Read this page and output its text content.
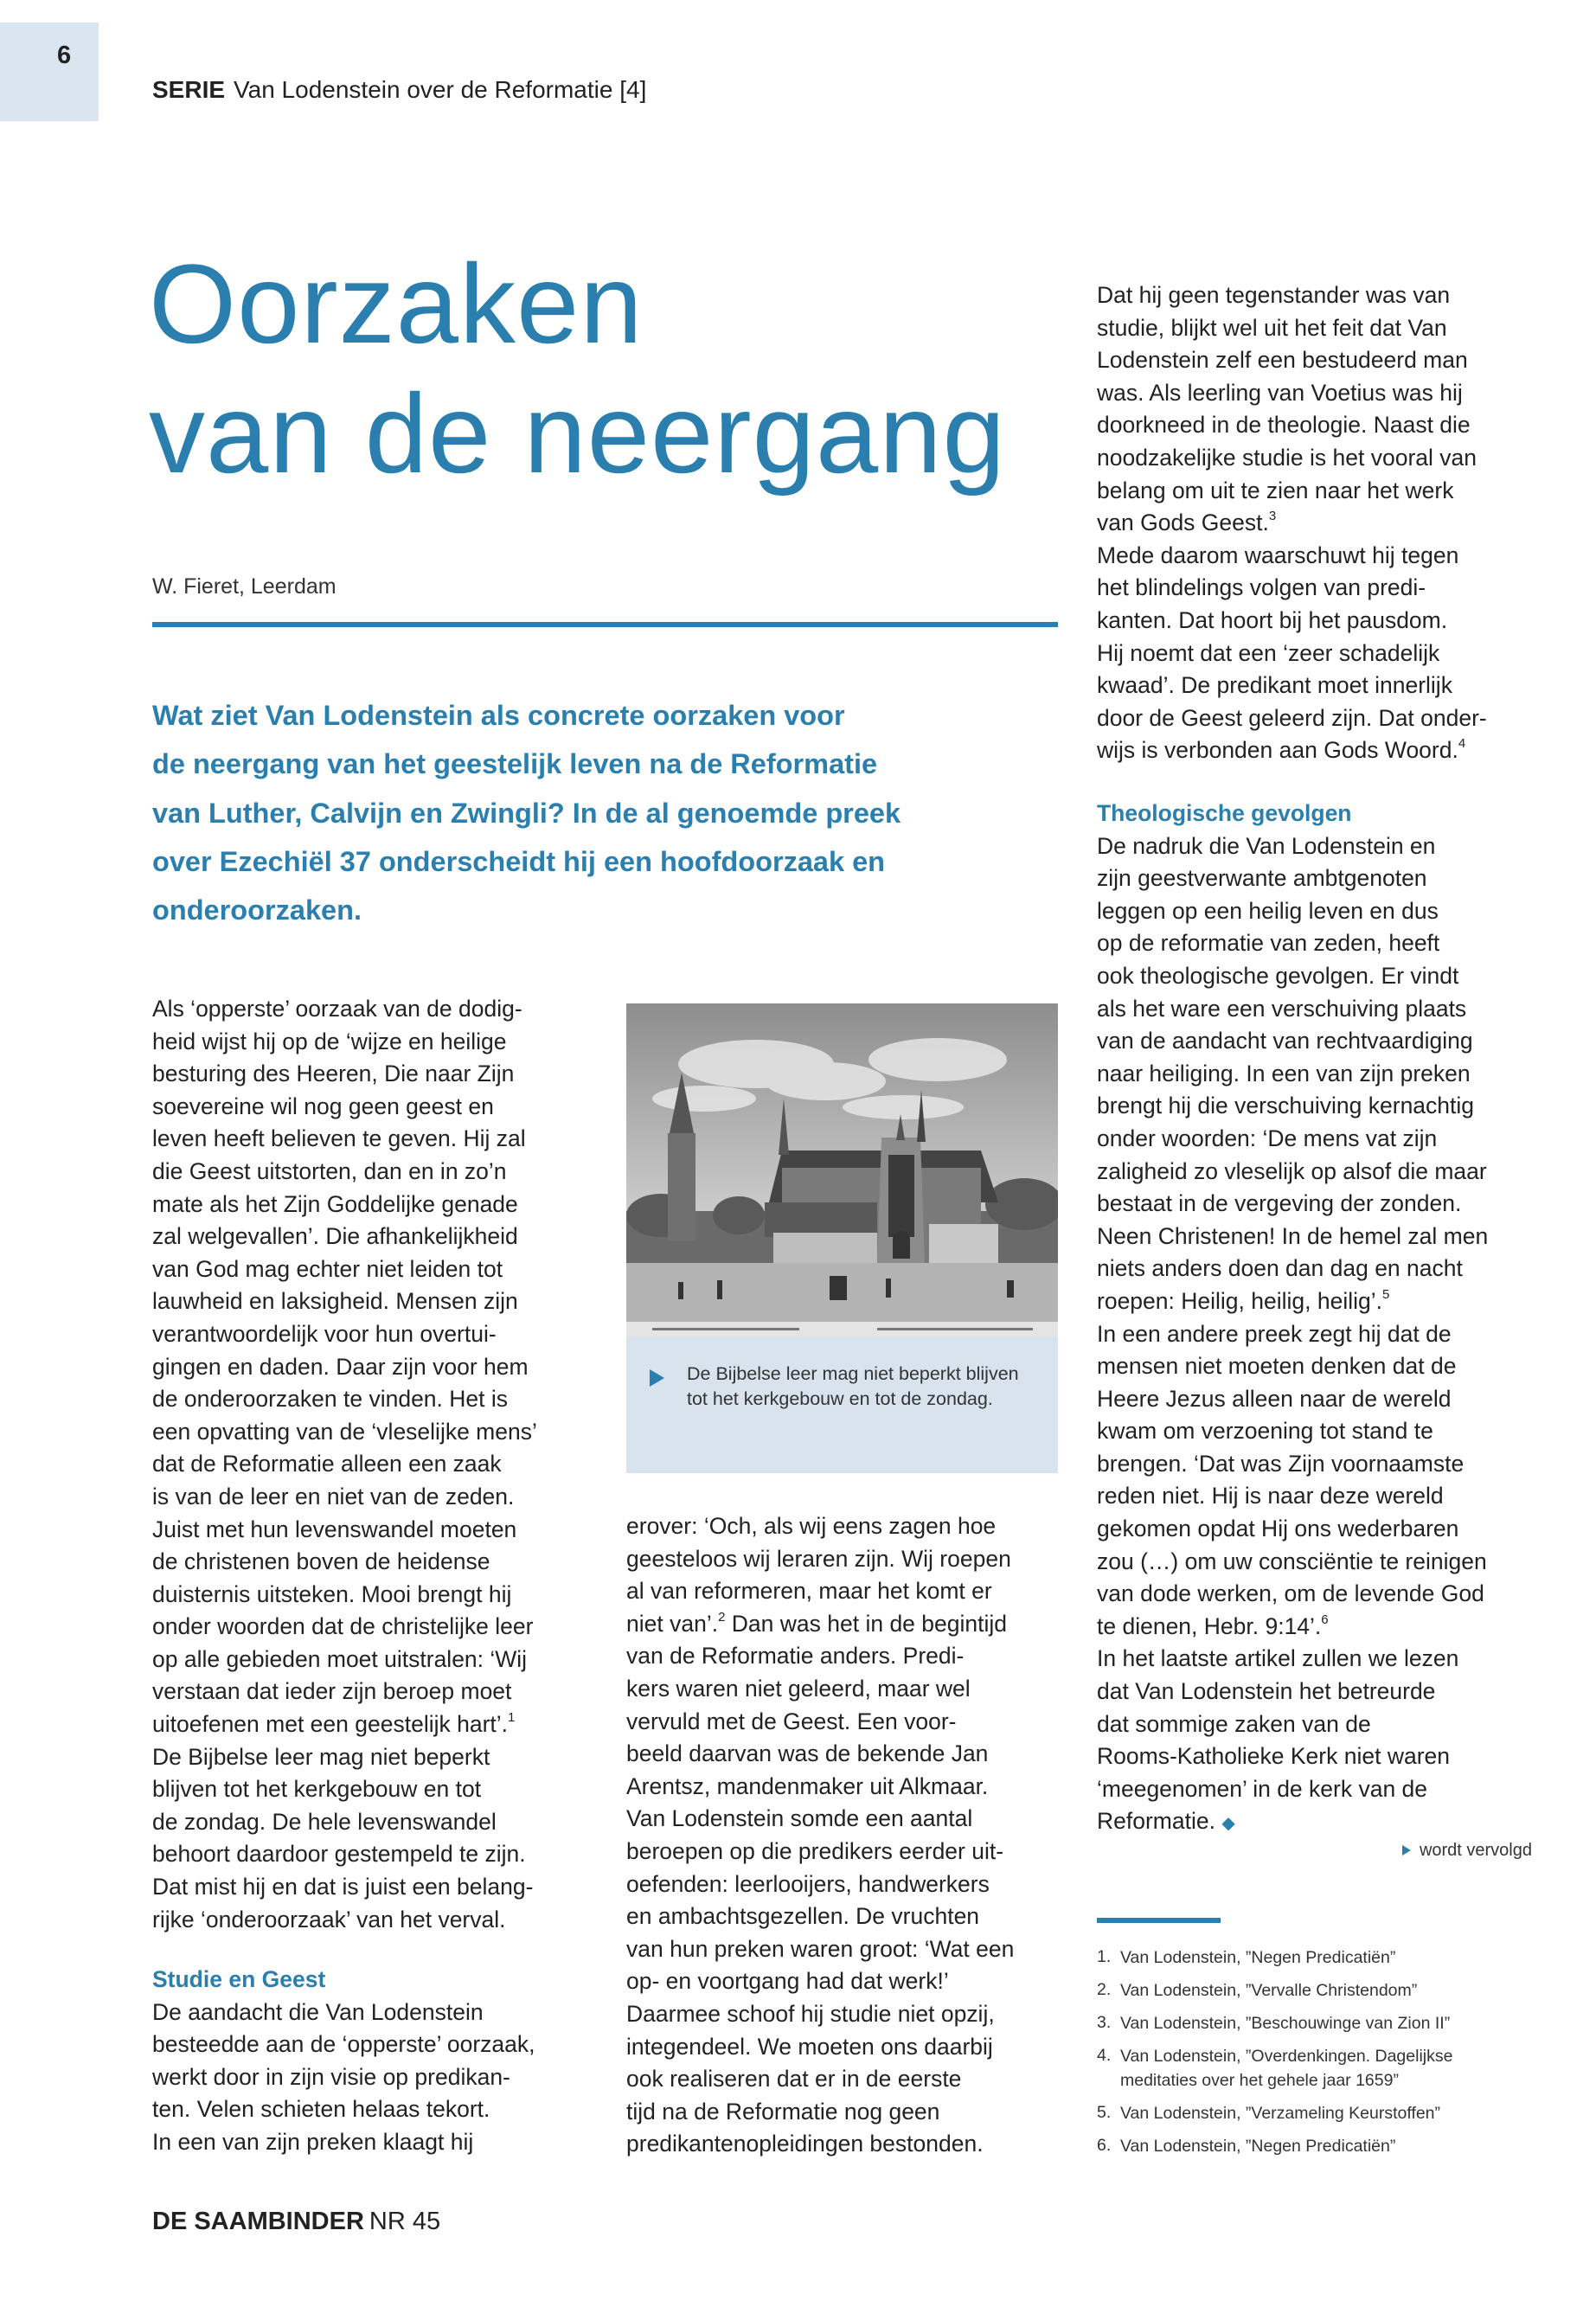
6
SERIE Van Lodenstein over de Reformatie [4]
Oorzaken
van de neergang
W. Fieret, Leerdam
Wat ziet Van Lodenstein als concrete oorzaken voor
de neergang van het geestelijk leven na de Reformatie
van Luther, Calvijn en Zwingli? In de al genoemde preek
over Ezechiël 37 onderscheidt hij een hoofdoorzaak en
onderoorzaken.
Als ‘opperste’ oorzaak van de dodig-
heid wijst hij op de ‘wijze en heilige
besturing des Heeren, Die naar Zijn
soevereine wil nog geen geest en
leven heeft believen te geven. Hij zal
die Geest uitstorten, dan en in zo’n
mate als het Zijn Goddelijke genade
zal welgevallen’. Die afhankelijkheid
van God mag echter niet leiden tot
lauwheid en laksigheid. Mensen zijn
verantwoordelijk voor hun overtui-
gingen en daden. Daar zijn voor hem
de onderoorzaken te vinden. Het is
een opvatting van de ‘vleselijke mens’
dat de Reformatie alleen een zaak
is van de leer en niet van de zeden.
Juist met hun levenswandel moeten
de christenen boven de heidense
duisternis uitsteken. Mooi brengt hij
onder woorden dat de christelijke leer
op alle gebieden moet uitstralen: ‘Wij
verstaan dat ieder zijn beroep moet
uitoefenen met een geestelijk hart’.$^1$
De Bijbelse leer mag niet beperkt
blijven tot het kerkgebouw en tot
de zondag. De hele levenswandel
behoort daardoor gestempeld te zijn.
Dat mist hij en dat is juist een belang-
rijke ‘onderoorzaak’ van het verval.
Studie en Geest
De aandacht die Van Lodenstein
besteedde aan de ‘opperste’ oorzaak,
werkt door in zijn visie op predikan-
ten. Velen schieten helaas tekort.
In een van zijn preken klaagt hij
erover: ‘Och, als wij eens zagen hoe
geesteloos wij leraren zijn. Wij roepen
al van reformeren, maar het komt er
niet van’.$^2$ Dan was het in de begintijd
van de Reformatie anders. Predi-
kers waren niet geleerd, maar wel
vervuld met de Geest. Een voor-
beeld daarvan was de bekende Jan
Arentsz, mandenmaker uit Alkmaar.
Van Lodenstein somde een aantal
beroepen op die predikers eerder uit-
oefenden: leerlooijers, handwerkers
en ambachtsgezellen. De vruchten
van hun preken waren groot: ‘Wat een
op- en voortgang had dat werk!’
Daarmee schoof hij studie niet opzij,
integendeel. We moeten ons daarbij
ook realiseren dat er in de eerste
tijd na de Reformatie nog geen
predikantenopleidingen bestonden.
Dat hij geen tegenstander was van
studie, blijkt wel uit het feit dat Van
Lodenstein zelf een bestudeerd man
was. Als leerling van Voetius was hij
doorkneed in de theologie. Naast die
noodzakelijke studie is het vooral van
belang om uit te zien naar het werk
van Gods Geest.$^3$
Mede daarom waarschuwt hij tegen
het blindelings volgen van predi-
kanten. Dat hoort bij het pausdom.
Hij noemt dat een ‘zeer schadelijk
kwaad’. De predikant moet innerlijk
door de Geest geleerd zijn. Dat onder-
wijs is verbonden aan Gods Woord.$^4$
Theologische gevolgen
De nadruk die Van Lodenstein en
zijn geestverwante ambtgenoten
leggen op een heilig leven en dus
op de reformatie van zeden, heeft
ook theologische gevolgen. Er vindt
als het ware een verschuiving plaats
van de aandacht van rechtvaardiging
naar heiliging. In een van zijn preken
brengt hij die verschuiving kernachtig
onder woorden: ‘De mens vat zijn
zaligheid zo vleselijk op alsof die maar
bestaat in de vergeving der zonden.
Neen Christenen! In de hemel zal men
niets anders doen dan dag en nacht
roepen: Heilig, heilig, heilig’.$^5$
In een andere preek zegt hij dat de
mensen niet moeten denken dat de
Heere Jezus alleen naar de wereld
kwam om verzoening tot stand te
brengen. ‘Dat was Zijn voornaamste
reden niet. Hij is naar deze wereld
gekomen opdat Hij ons wederbaren
zou (…) om uw consciëntie te reinigen
van dode werken, om de levende God
te dienen, Hebr. 9:14’.$^6$
In het laatste artikel zullen we lezen
dat Van Lodenstein het betreurde
dat sommige zaken van de
Rooms-Katholieke Kerk niet waren
‘meegenomen’ in de kerk van de
Reformatie. ◆
De Bijbelse leer mag niet beperkt blijven tot het kerkgebouw en tot de zondag.
wordt vervolgd
1. Van Lodenstein, ”Negen Predicatiën”
2. Van Lodenstein, ”Vervalle Christendom”
3. Van Lodenstein, ”Beschouwinge van Zion II”
4. Van Lodenstein, ”Overdenkingen. Dagelijkse
meditaties over het gehele jaar 1659”
5. Van Lodenstein, ”Verzameling Keurstoffen”
6. Van Lodenstein, ”Negen Predicatiën”
DE SAAMBINDER NR 45
